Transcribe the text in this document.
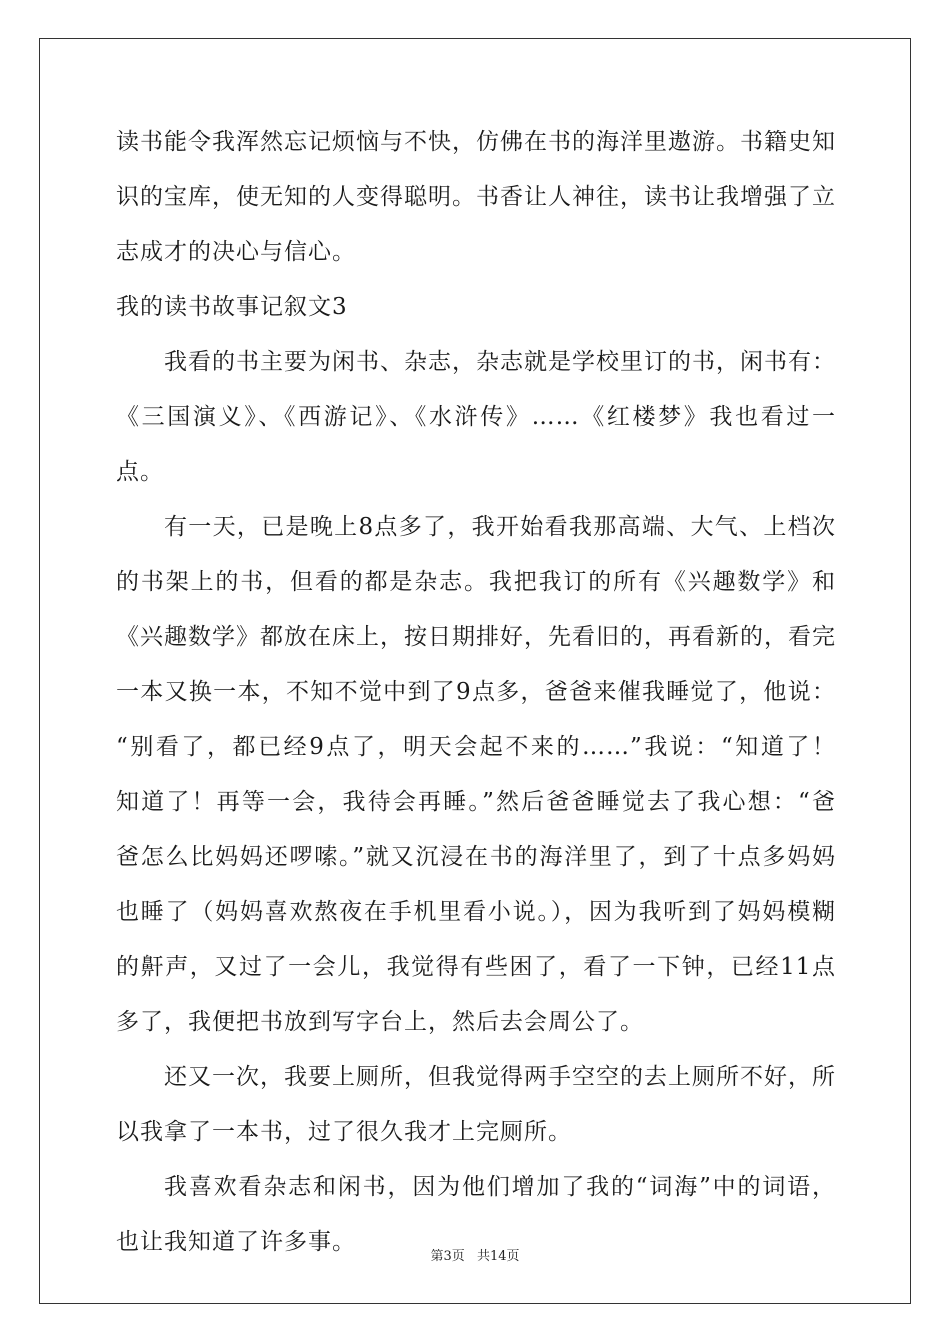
读书能令我浑然忘记烦恼与不快，仿佛在书的海洋里遨游。书籍史知
识的宝库，使无知的人变得聪明。书香让人神往，读书让我增强了立
志成才的决心与信心。
我的读书故事记叙文3
我看的书主要为闲书、杂志，杂志就是学校里订的书，闲书有：
《三国演义》、《西游记》、《水浒传》……《红楼梦》我也看过一
点。
有一天，已是晚上8点多了，我开始看我那高端、大气、上档次
的书架上的书，但看的都是杂志。我把我订的所有《兴趣数学》和
《兴趣数学》都放在床上，按日期排好，先看旧的，再看新的，看完
一本又换一本，不知不觉中到了9点多，爸爸来催我睡觉了，他说：
“别看了，都已经9点了，明天会起不来的……”我说：“知道了！
知道了！再等一会，我待会再睡。”然后爸爸睡觉去了我心想：“爸
爸怎么比妈妈还啰嗦。”就又沉浸在书的海洋里了，到了十点多妈妈
也睡了（妈妈喜欢熬夜在手机里看小说。），因为我听到了妈妈模糊
的鼾声，又过了一会儿，我觉得有些困了，看了一下钟，已经11点
多了，我便把书放到写字台上，然后去会周公了。
还又一次，我要上厕所，但我觉得两手空空的去上厕所不好，所
以我拿了一本书，过了很久我才上完厕所。
我喜欢看杂志和闲书，因为他们增加了我的“词海”中的词语，
也让我知道了许多事。
第3页 共14页
